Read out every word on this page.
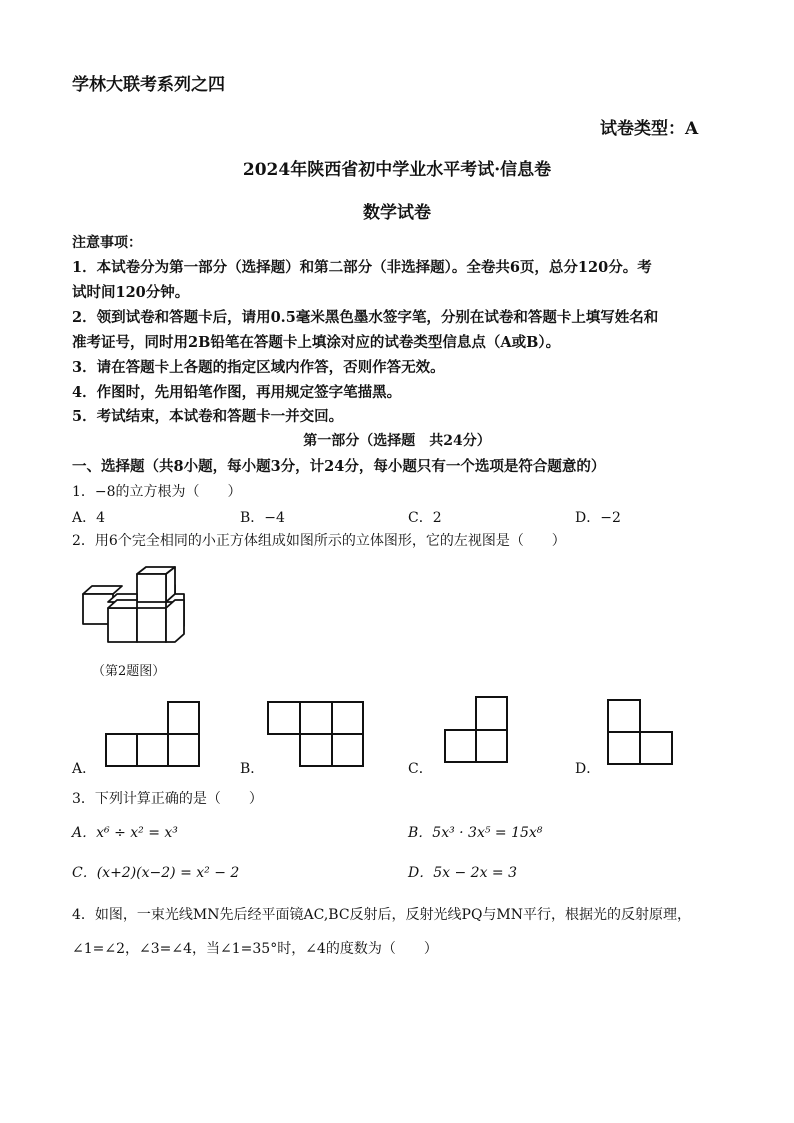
学林大联考系列之四
试卷类型：A
2024年陕西省初中学业水平考试·信息卷
数学试卷
注意事项：
1．本试卷分为第一部分（选择题）和第二部分（非选择题）。全卷共6页，总分120分。考
试时间120分钟。
2．领到试卷和答题卡后，请用0.5毫米黑色墨水签字笔，分别在试卷和答题卡上填写姓名和
准考证号，同时用2B铅笔在答题卡上填涂对应的试卷类型信息点（A或B）。
3．请在答题卡上各题的指定区域内作答，否则作答无效。
4．作图时，先用铅笔作图，再用规定签字笔描黑。
5．考试结束，本试卷和答题卡一并交回。
第一部分（选择题　共24分）
一、选择题（共8小题，每小题3分，计24分，每小题只有一个选项是符合题意的）
1．−8的立方根为（　　）
A．4	B．−4	C．2	D．−2
2．用6个完全相同的小正方体组成如图所示的立体图形，它的左视图是（　　）
（第2题图）
A．	B．	C．	D．
3．下列计算正确的是（　　）
A．x⁶ ÷ x² = x³	B．5x³ · 3x⁵ = 15x⁸
C．(x+2)(x−2) = x² − 2	D．5x − 2x = 3
4．如图，一束光线MN先后经平面镜AC,BC反射后，反射光线PQ与MN平行，根据光的反射原理，
∠1=∠2，∠3=∠4，当∠1=35°时，∠4的度数为（　　）
